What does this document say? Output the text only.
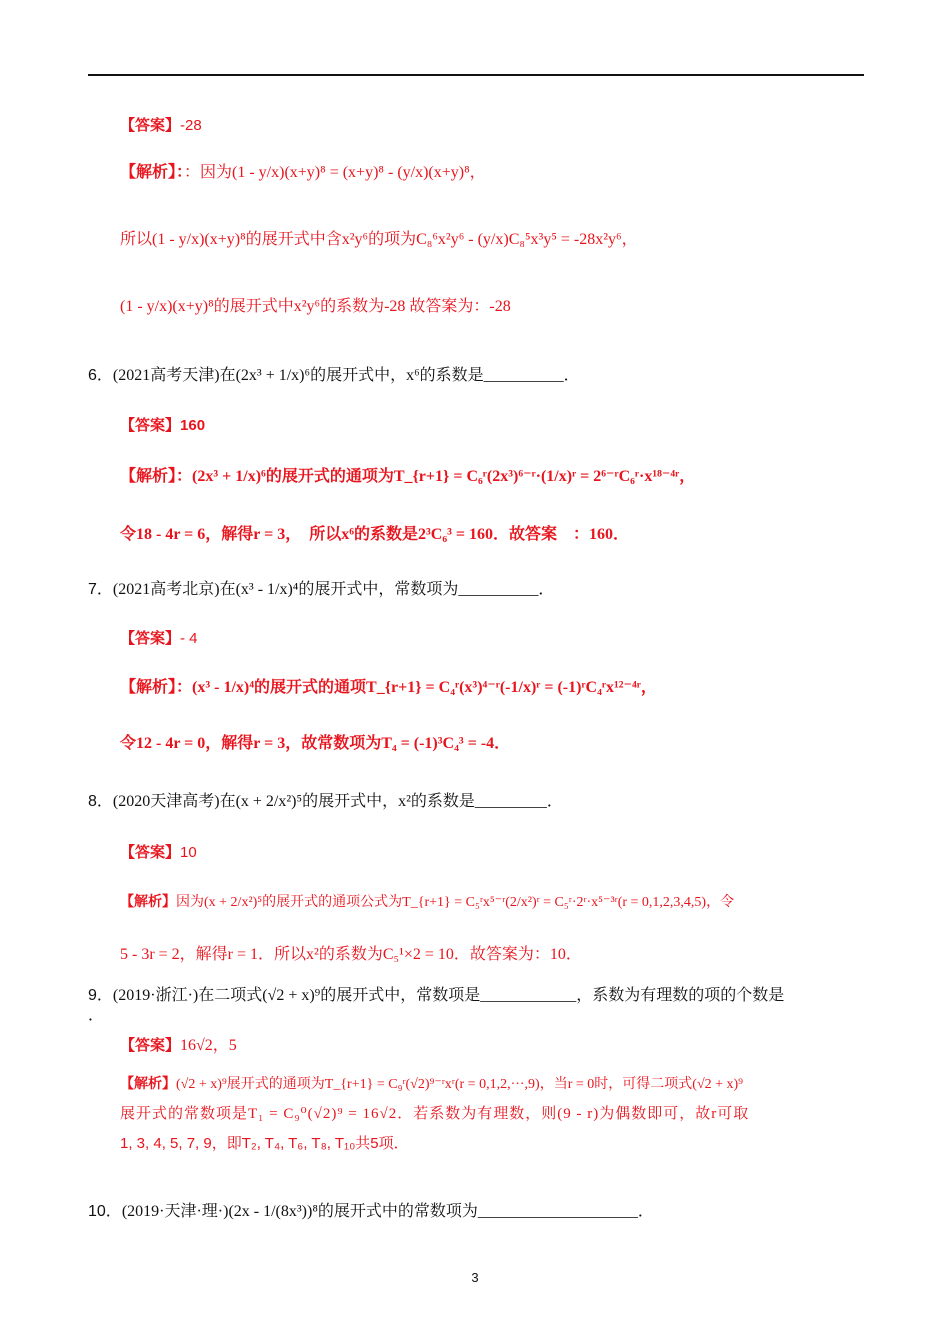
【答案】-28
【解析】：：因为(1 - y/x)(x+y)⁸ = (x+y)⁸ - (y/x)(x+y)⁸，
所以(1 - y/x)(x+y)⁸的展开式中含x²y⁶的项为C₈⁶x²y⁶ - (y/x)C₈⁵x³y⁵ = -28x²y⁶，
(1 - y/x)(x+y)⁸的展开式中x²y⁶的系数为-28 故答案为：-28
6．(2021高考天津)在(2x³ + 1/x)⁶的展开式中，x⁶的系数是__________．
【答案】160
【解析】：(2x³ + 1/x)⁶的展开式的通项为T_{r+1} = C₆ʳ(2x³)⁶⁻ʳ·(1/x)ʳ = 2⁶⁻ʳC₆ʳ·x¹⁸⁻⁴ʳ，
令18 - 4r = 6，解得r = 3，　所以x⁶的系数是2³C₆³ = 160．故答案　：160．
7．(2021高考北京)在(x³ - 1/x)⁴的展开式中，常数项为__________．
【答案】- 4
【解析】：(x³ - 1/x)⁴的展开式的通项T_{r+1} = C₄ʳ(x³)⁴⁻ʳ(-1/x)ʳ = (-1)ʳC₄ʳx¹²⁻⁴ʳ，
令12 - 4r = 0，解得r = 3，故常数项为T₄ = (-1)³C₄³ = -4．
8．(2020天津高考)在(x + 2/x²)⁵的展开式中，x²的系数是_________．
【答案】10
【解析】因为(x + 2/x²)⁵的展开式的通项公式为T_{r+1} = C₅ʳx⁵⁻ʳ(2/x²)ʳ = C₅ʳ·2ʳ·x⁵⁻³ʳ(r = 0,1,2,3,4,5)，令
5 - 3r = 2，解得r = 1．所以x²的系数为C₅¹×2 = 10．故答案为：10．
9．(2019·浙江·)在二项式(√2 + x)⁹的展开式中，常数项是____________，系数为有理数的项的个数是
．
【答案】16√2，5
【解析】(√2 + x)⁹展开式的通项为T_{r+1} = C₉ʳ(√2)⁹⁻ʳxʳ(r = 0,1,2,···,9)，当r = 0时，可得二项式(√2 + x)⁹
展开式的常数项是T₁ = C₉⁰(√2)⁹ = 16√2．若系数为有理数，则(9 - r)为偶数即可，故r可取
1, 3, 4, 5, 7, 9，即T₂, T₄, T₆, T₈, T₁₀共5项．
10．(2019·天津·理·)(2x - 1/(8x³))⁸的展开式中的常数项为____________________．
3
